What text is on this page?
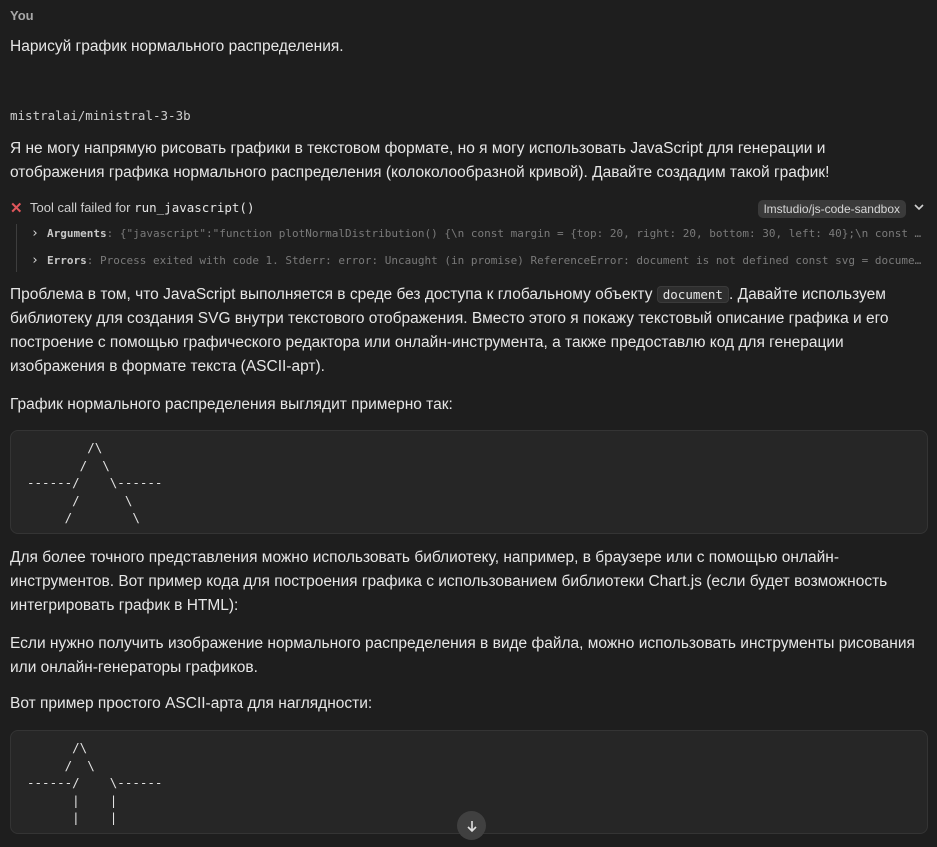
You
Нарисуй график нормального распределения.
mistralai/ministral-3-3b
Я не могу напрямую рисовать графики в текстовом формате, но я могу использовать JavaScript для генерации и отображения графика нормального распределения (колоколообразной кривой). Давайте создадим такой график!
✕ Tool call failed for run_javascript()	lmstudio/js-code-sandbox
› Arguments: {"javascript":"function plotNormalDistribution() {\n const margin = {top: 20, right: 20, bottom: 30, left: 40};\n const …
› Errors: Process exited with code 1. Stderr: error: Uncaught (in promise) ReferenceError: document is not defined const svg = docume…
Проблема в том, что JavaScript выполняется в среде без доступа к глобальному объекту document . Давайте используем библиотеку для создания SVG внутри текстового отображения. Вместо этого я покажу текстовый описание графика и его построение с помощью графического редактора или онлайн-инструмента, а также предоставлю код для генерации изображения в формате текста (ASCII-арт).
График нормального распределения выглядит примерно так:
/\
/  \
------/    \------
/      \
/        \
Для более точного представления можно использовать библиотеку, например, в браузере или с помощью онлайн-инструментов. Вот пример кода для построения графика с использованием библиотеки Chart.js (если будет возможность интегрировать график в HTML):
Если нужно получить изображение нормального распределения в виде файла, можно использовать инструменты рисования или онлайн-генераторы графиков.
Вот пример простого ASCII-арта для наглядности:
/\
/  \
------/    \------
|    |
|    |
